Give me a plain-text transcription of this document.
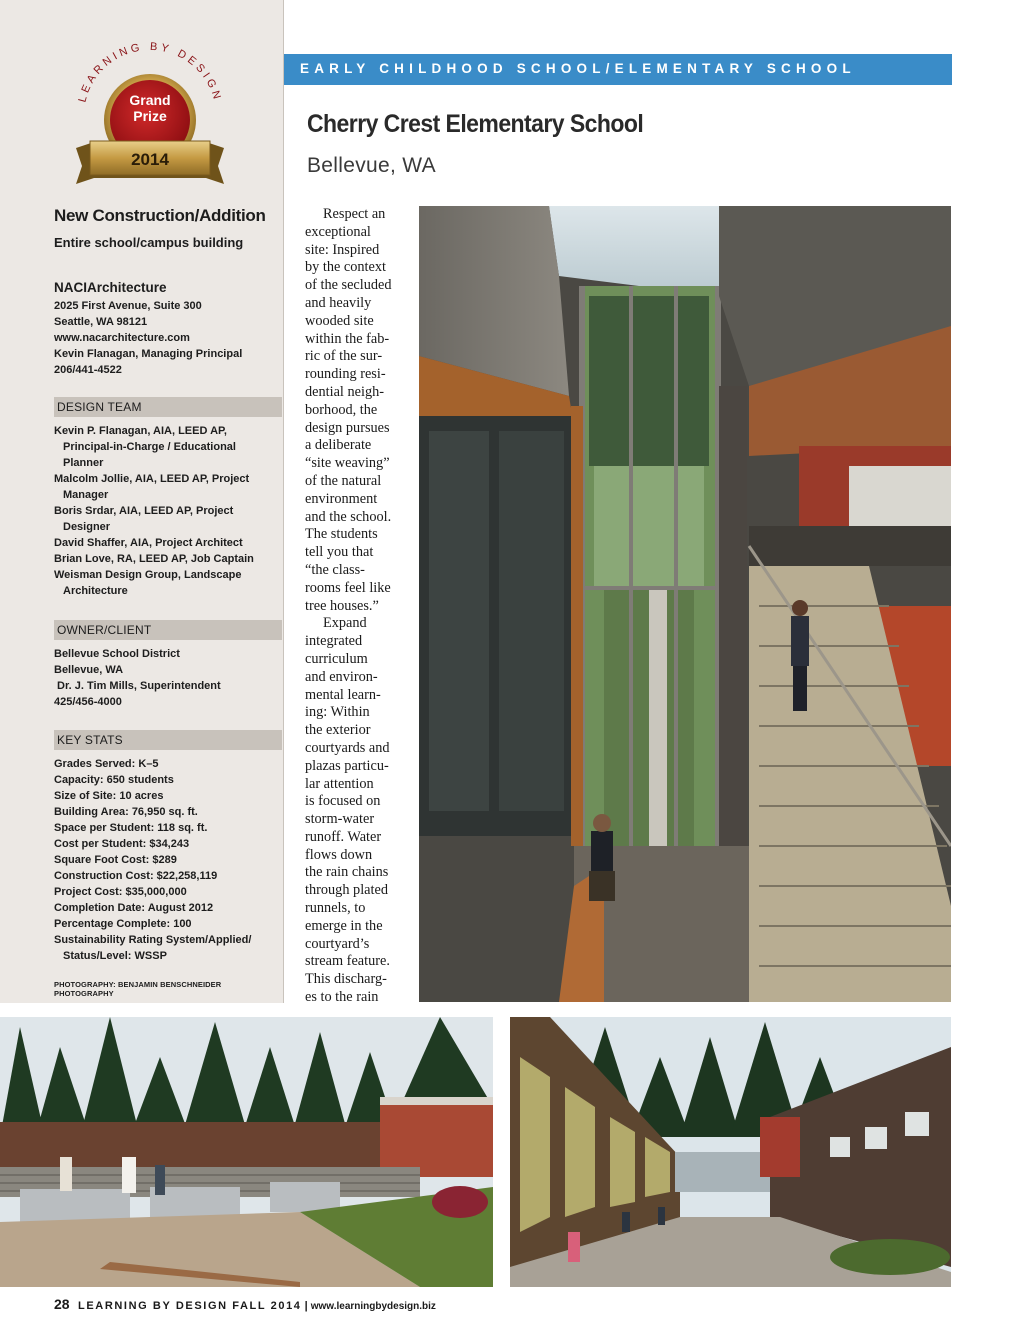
LEARNING BY DESIGN
Grand
Prize
2014
New Construction/Addition
Entire school/campus building
NACIArchitecture
2025 First Avenue, Suite 300
Seattle, WA 98121
www.nacarchitecture.com
Kevin Flanagan, Managing Principal
206/441-4522
DESIGN TEAM
Kevin P. Flanagan, AIA, LEED AP,
Principal-in-Charge / Educational
Planner
Malcolm Jollie, AIA, LEED AP, Project
Manager
Boris Srdar, AIA, LEED AP, Project
Designer
David Shaffer, AIA, Project Architect
Brian Love, RA, LEED AP, Job Captain
Weisman Design Group, Landscape
Architecture
OWNER/CLIENT
Bellevue School District
Bellevue, WA
Dr. J. Tim Mills, Superintendent
425/456-4000
KEY STATS
Grades Served: K–5
Capacity: 650 students
Size of Site: 10 acres
Building Area: 76,950 sq. ft.
Space per Student: 118 sq. ft.
Cost per Student: $34,243
Square Foot Cost: $289
Construction Cost: $22,258,119
Project Cost: $35,000,000
Completion Date: August 2012
Percentage Complete: 100
Sustainability Rating System/Applied/
Status/Level: WSSP
PHOTOGRAPHY: BENJAMIN BENSCHNEIDER PHOTOGRAPHY
EARLY CHILDHOOD SCHOOL/ELEMENTARY SCHOOL
Cherry Crest Elementary School
Bellevue, WA
Respect an
exceptional
site: Inspired
by the context
of the secluded
and heavily
wooded site
within the fab-
ric of the sur-
rounding resi-
dential neigh-
borhood, the
design pursues
a deliberate
“site weaving”
of the natural
environment
and the school.
The students
tell you that
“the class-
rooms feel like
tree houses.”
Expand
integrated
curriculum
and environ-
mental learn-
ing: Within
the exterior
courtyards and
plazas particu-
lar attention
is focused on
storm-water
runoff. Water
flows down
the rain chains
through plated
runnels, to
emerge in the
courtyard’s
stream feature.
This discharg-
es to the rain
28 LEARNING BY DESIGN FALL 2014 | www.learningbydesign.biz
